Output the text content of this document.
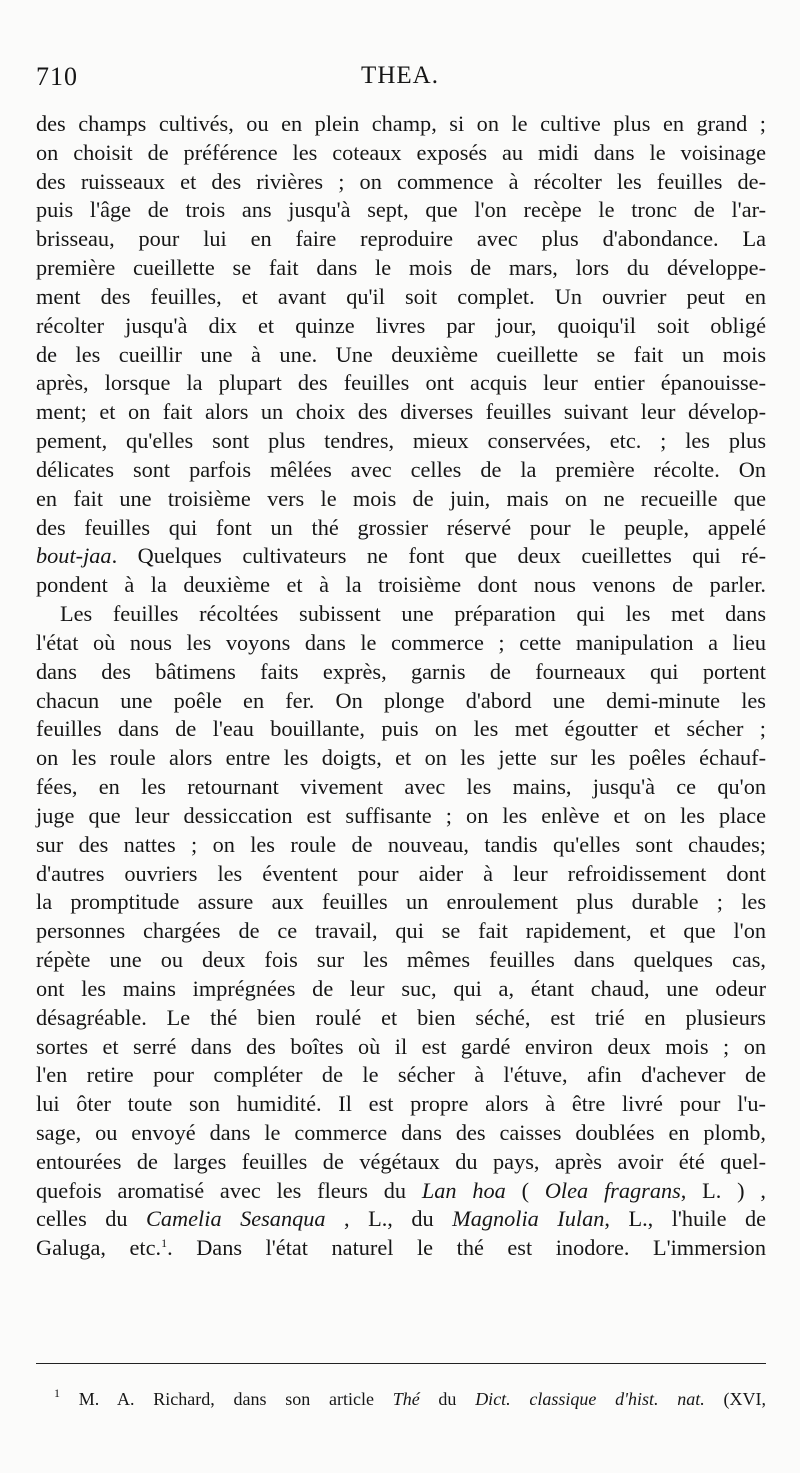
710	THEA.
des champs cultivés, ou en plein champ, si on le cultive plus en grand ;
on choisit de préférence les coteaux exposés au midi dans le voisinage
des ruisseaux et des rivières ; on commence à récolter les feuilles de-
puis l'âge de trois ans jusqu'à sept, que l'on recèpe le tronc de l'ar-
brisseau, pour lui en faire reproduire avec plus d'abondance. La
première cueillette se fait dans le mois de mars, lors du développe-
ment des feuilles, et avant qu'il soit complet. Un ouvrier peut en
récolter jusqu'à dix et quinze livres par jour, quoiqu'il soit obligé
de les cueillir une à une. Une deuxième cueillette se fait un mois
après, lorsque la plupart des feuilles ont acquis leur entier épanouisse-
ment; et on fait alors un choix des diverses feuilles suivant leur dévelop-
pement, qu'elles sont plus tendres, mieux conservées, etc. ; les plus
délicates sont parfois mêlées avec celles de la première récolte. On
en fait une troisième vers le mois de juin, mais on ne recueille que
des feuilles qui font un thé grossier réservé pour le peuple, appelé
bout-jaa. Quelques cultivateurs ne font que deux cueillettes qui ré-
pondent à la deuxième et à la troisième dont nous venons de parler.
Les feuilles récoltées subissent une préparation qui les met dans
l'état où nous les voyons dans le commerce ; cette manipulation a lieu
dans des bâtimens faits exprès, garnis de fourneaux qui portent
chacun une poêle en fer. On plonge d'abord une demi-minute les
feuilles dans de l'eau bouillante, puis on les met égoutter et sécher ;
on les roule alors entre les doigts, et on les jette sur les poêles échauf-
fées, en les retournant vivement avec les mains, jusqu'à ce qu'on
juge que leur dessiccation est suffisante ; on les enlève et on les place
sur des nattes ; on les roule de nouveau, tandis qu'elles sont chaudes;
d'autres ouvriers les éventent pour aider à leur refroidissement dont
la promptitude assure aux feuilles un enroulement plus durable ; les
personnes chargées de ce travail, qui se fait rapidement, et que l'on
répète une ou deux fois sur les mêmes feuilles dans quelques cas,
ont les mains imprégnées de leur suc, qui a, étant chaud, une odeur
désagréable. Le thé bien roulé et bien séché, est trié en plusieurs
sortes et serré dans des boîtes où il est gardé environ deux mois ; on
l'en retire pour compléter de le sécher à l'étuve, afin d'achever de
lui ôter toute son humidité. Il est propre alors à être livré pour l'u-
sage, ou envoyé dans le commerce dans des caisses doublées en plomb,
entourées de larges feuilles de végétaux du pays, après avoir été quel-
quefois aromatisé avec les fleurs du Lan hoa ( Olea fragrans, L. ) ,
celles du Camelia Sesanqua , L., du Magnolia Iulan, L., l'huile de
Galuga, etc.$^1$. Dans l'état naturel le thé est inodore. L'immersion
$^1$ M. A. Richard, dans son article Thé du Dict. classique d'hist. nat. (XVI,
